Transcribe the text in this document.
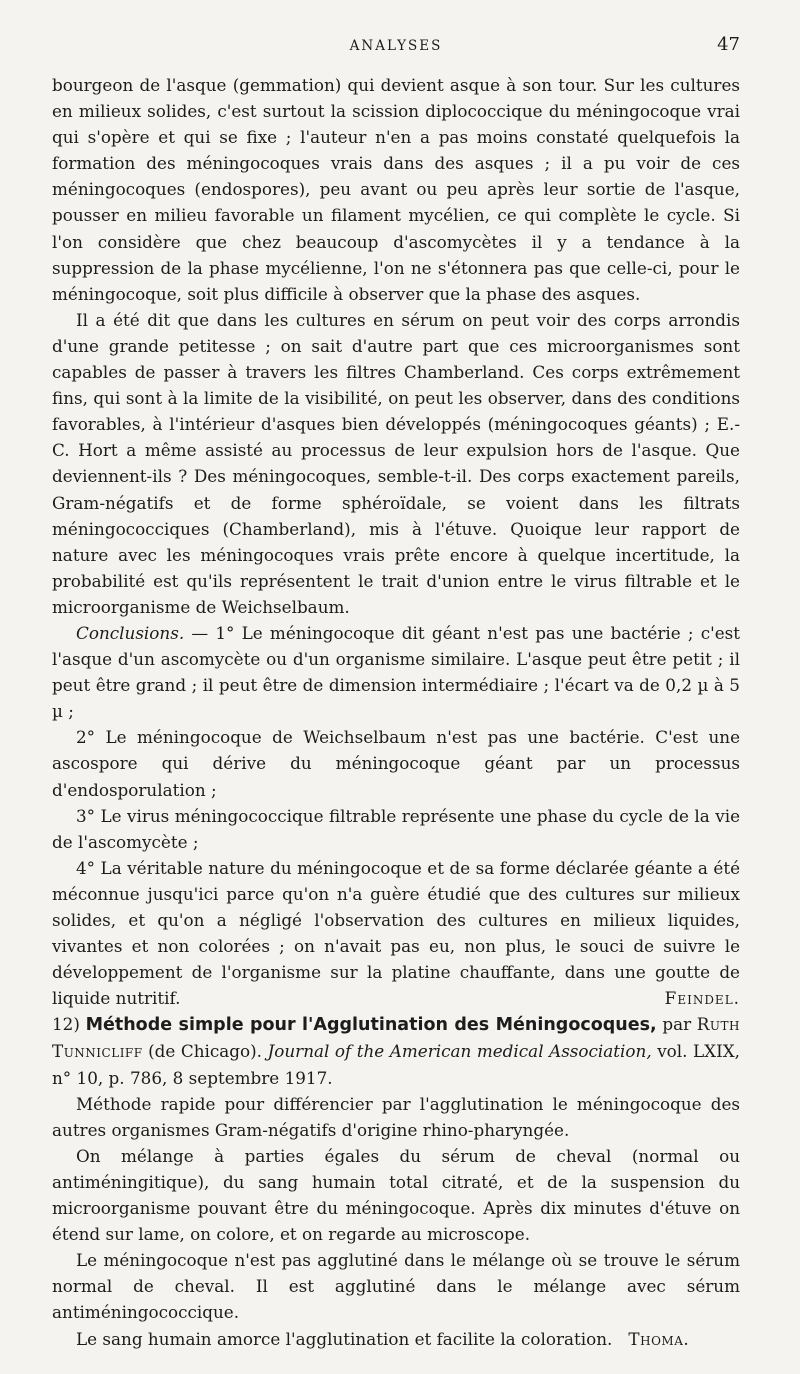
ANALYSES	47

bourgeon de l'asque (gemmation) qui devient asque à son tour. Sur les cultures en milieux solides, c'est surtout la scission diplococcique du méningocoque vrai qui s'opère et qui se fixe ; l'auteur n'en a pas moins constaté quelquefois la formation des méningocoques vrais dans des asques ; il a pu voir de ces méningocoques (endospores), peu avant ou peu après leur sortie de l'asque, pousser en milieu favorable un filament mycélien, ce qui complète le cycle. Si l'on considère que chez beaucoup d'ascomycètes il y a tendance à la suppression de la phase mycélienne, l'on ne s'étonnera pas que celle-ci, pour le méningocoque, soit plus difficile à observer que la phase des asques.

Il a été dit que dans les cultures en sérum on peut voir des corps arrondis d'une grande petitesse ; on sait d'autre part que ces microorganismes sont capables de passer à travers les filtres Chamberland. Ces corps extrêmement fins, qui sont à la limite de la visibilité, on peut les observer, dans des conditions favorables, à l'intérieur d'asques bien développés (méningocoques géants) ; E.-C. Hort a même assisté au processus de leur expulsion hors de l'asque. Que deviennent-ils ? Des méningocoques, semble-t-il. Des corps exactement pareils, Gram-négatifs et de forme sphéroïdale, se voient dans les filtrats méningococciques (Chamberland), mis à l'étuve. Quoique leur rapport de nature avec les méningocoques vrais prête encore à quelque incertitude, la probabilité est qu'ils représentent le trait d'union entre le virus filtrable et le microorganisme de Weichselbaum.

Conclusions. — 1° Le méningocoque dit géant n'est pas une bactérie ; c'est l'asque d'un ascomycète ou d'un organisme similaire. L'asque peut être petit ; il peut être grand ; il peut être de dimension intermédiaire ; l'écart va de 0,2 µ à 5 µ ;

2° Le méningocoque de Weichselbaum n'est pas une bactérie. C'est une ascospore qui dérive du méningocoque géant par un processus d'endosporulation ;

3° Le virus méningococcique filtrable représente une phase du cycle de la vie de l'ascomycète ;

4° La véritable nature du méningocoque et de sa forme déclarée géante a été méconnue jusqu'ici parce qu'on n'a guère étudié que des cultures sur milieux solides, et qu'on a négligé l'observation des cultures en milieux liquides, vivantes et non colorées ; on n'avait pas eu, non plus, le souci de suivre le développement de l'organisme sur la platine chauffante, dans une goutte de liquide nutritif.	Feindel.

12) Méthode simple pour l'Agglutination des Méningocoques, par Ruth Tunnicliff (de Chicago). Journal of the American medical Association, vol. LXIX, n° 10, p. 786, 8 septembre 1917.

Méthode rapide pour différencier par l'agglutination le méningocoque des autres organismes Gram-négatifs d'origine rhino-pharyngée.

On mélange à parties égales du sérum de cheval (normal ou antiméningitique), du sang humain total citraté, et de la suspension du microorganisme pouvant être du méningocoque. Après dix minutes d'étuve on étend sur lame, on colore, et on regarde au microscope.

Le méningocoque n'est pas agglutiné dans le mélange où se trouve le sérum normal de cheval. Il est agglutiné dans le mélange avec sérum antiméningococcique.

Le sang humain amorce l'agglutination et facilite la coloration. Thoma.
